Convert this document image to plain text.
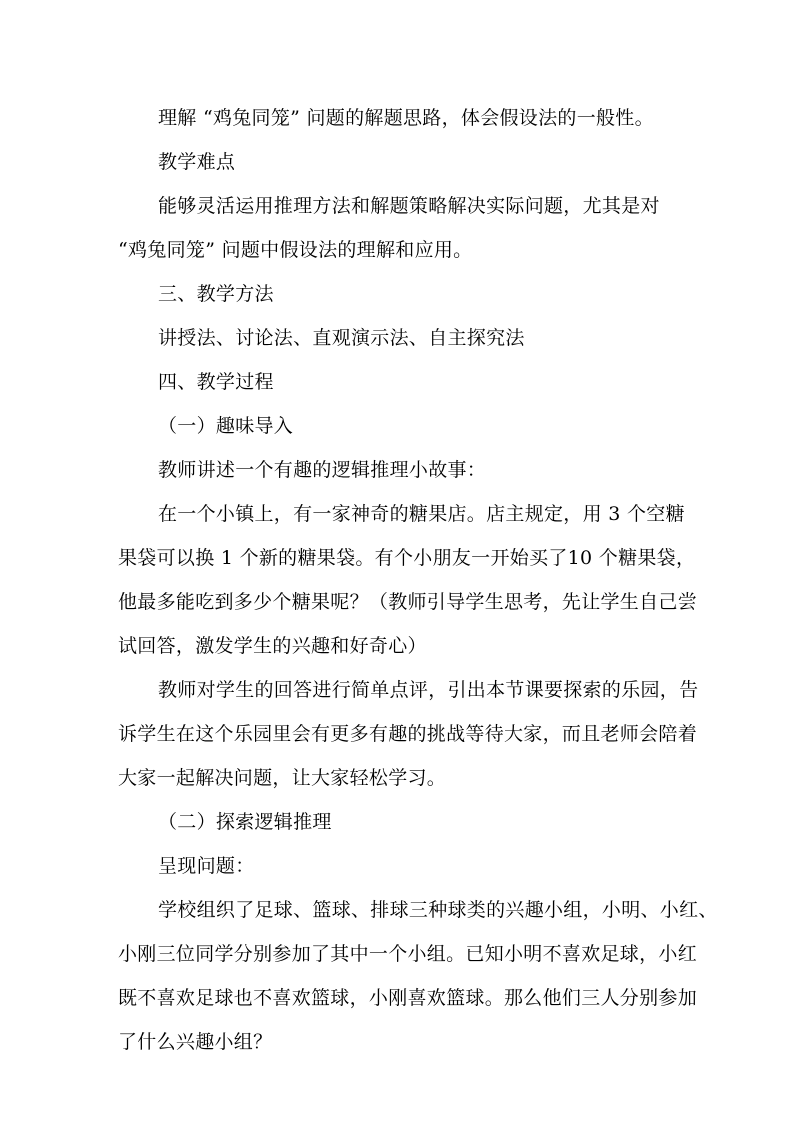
理解 “鸡兔同笼” 问题的解题思路，体会假设法的一般性。
教学难点
能够灵活运用推理方法和解题策略解决实际问题，尤其是对
“鸡兔同笼” 问题中假设法的理解和应用。
三、教学方法
讲授法、讨论法、直观演示法、自主探究法
四、教学过程
（一）趣味导入
教师讲述一个有趣的逻辑推理小故事：
在一个小镇上，有一家神奇的糖果店。店主规定，用 3 个空糖
果袋可以换 1 个新的糖果袋。有个小朋友一开始买了10 个糖果袋，
他最多能吃到多少个糖果呢？（教师引导学生思考，先让学生自己尝
试回答，激发学生的兴趣和好奇心）
教师对学生的回答进行简单点评，引出本节课要探索的乐园，告
诉学生在这个乐园里会有更多有趣的挑战等待大家，而且老师会陪着
大家一起解决问题，让大家轻松学习。
（二）探索逻辑推理
呈现问题：
学校组织了足球、篮球、排球三种球类的兴趣小组，小明、小红、
小刚三位同学分别参加了其中一个小组。已知小明不喜欢足球，小红
既不喜欢足球也不喜欢篮球，小刚喜欢篮球。那么他们三人分别参加
了什么兴趣小组？
